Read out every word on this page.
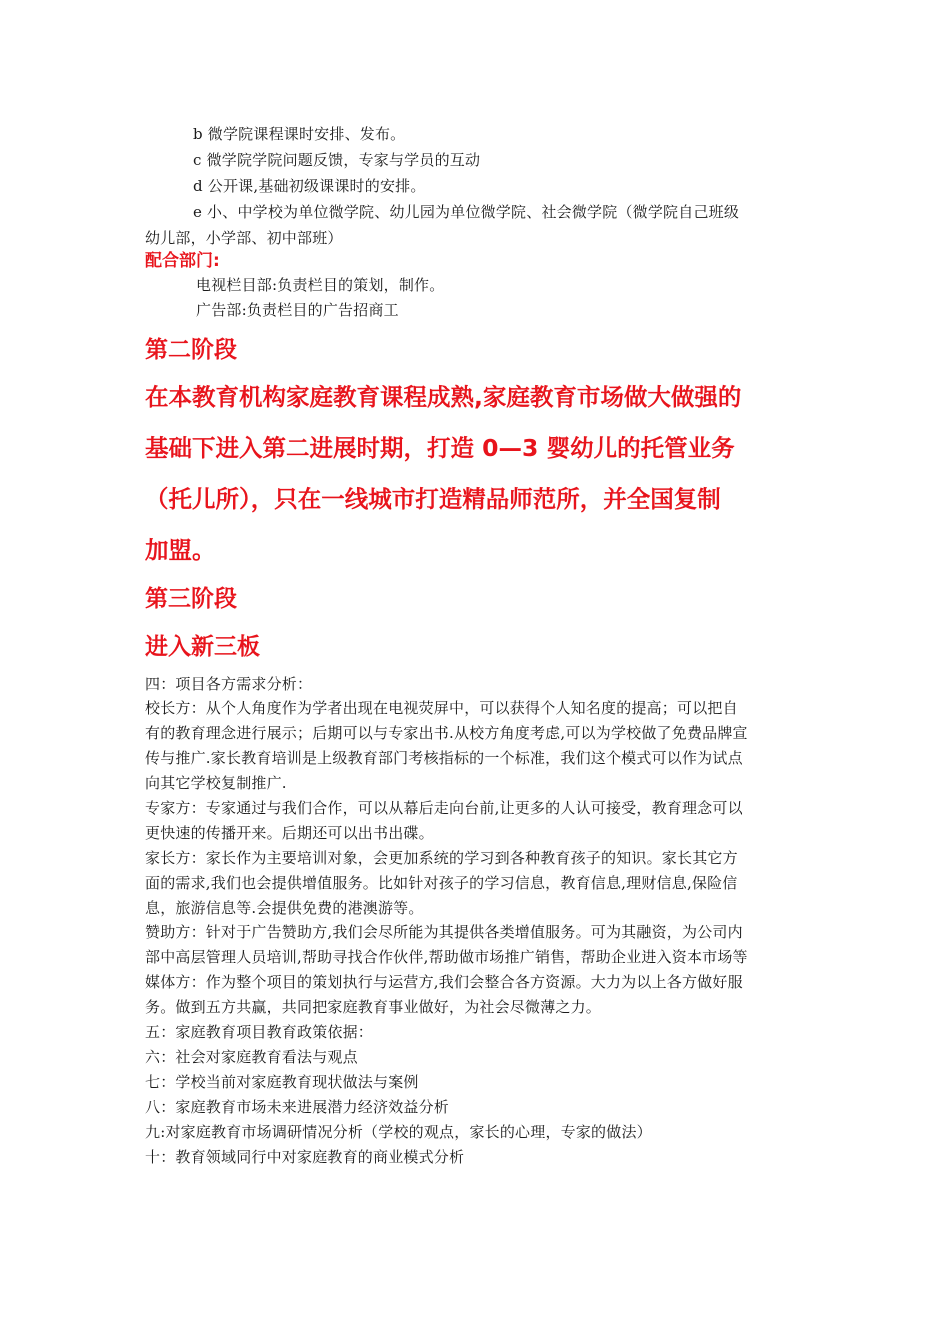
b 微学院课程课时安排、发布。
c 微学院学院问题反馈，专家与学员的互动
d 公开课,基础初级课课时的安排。
e 小、中学校为单位微学院、幼儿园为单位微学院、社会微学院（微学院自己班级
幼儿部，小学部、初中部班）
配合部门:
电视栏目部:负责栏目的策划，制作。
广告部:负责栏目的广告招商工
第二阶段
在本教育机构家庭教育课程成熟,家庭教育市场做大做强的
基础下进入第二进展时期，打造 0—3 婴幼儿的托管业务
（托儿所），只在一线城市打造精品师范所，并全国复制
加盟。
第三阶段
进入新三板
四：项目各方需求分析：
校长方：从个人角度作为学者出现在电视荧屏中，可以获得个人知名度的提高；可以把自
有的教育理念进行展示；后期可以与专家出书.从校方角度考虑,可以为学校做了免费品牌宣
传与推广.家长教育培训是上级教育部门考核指标的一个标准，我们这个模式可以作为试点
向其它学校复制推广.
专家方：专家通过与我们合作，可以从幕后走向台前,让更多的人认可接受，教育理念可以
更快速的传播开来。后期还可以出书出碟。
家长方：家长作为主要培训对象，会更加系统的学习到各种教育孩子的知识。家长其它方
面的需求,我们也会提供增值服务。比如针对孩子的学习信息，教育信息,理财信息,保险信
息，旅游信息等.会提供免费的港澳游等。
赞助方：针对于广告赞助方,我们会尽所能为其提供各类增值服务。可为其融资，为公司内
部中高层管理人员培训,帮助寻找合作伙伴,帮助做市场推广销售，帮助企业进入资本市场等
媒体方：作为整个项目的策划执行与运营方,我们会整合各方资源。大力为以上各方做好服
务。做到五方共赢，共同把家庭教育事业做好，为社会尽微薄之力。
五：家庭教育项目教育政策依据：
六：社会对家庭教育看法与观点
七：学校当前对家庭教育现状做法与案例
八：家庭教育市场未来进展潜力经济效益分析
九:对家庭教育市场调研情况分析（学校的观点，家长的心理，专家的做法）
十：教育领域同行中对家庭教育的商业模式分析
